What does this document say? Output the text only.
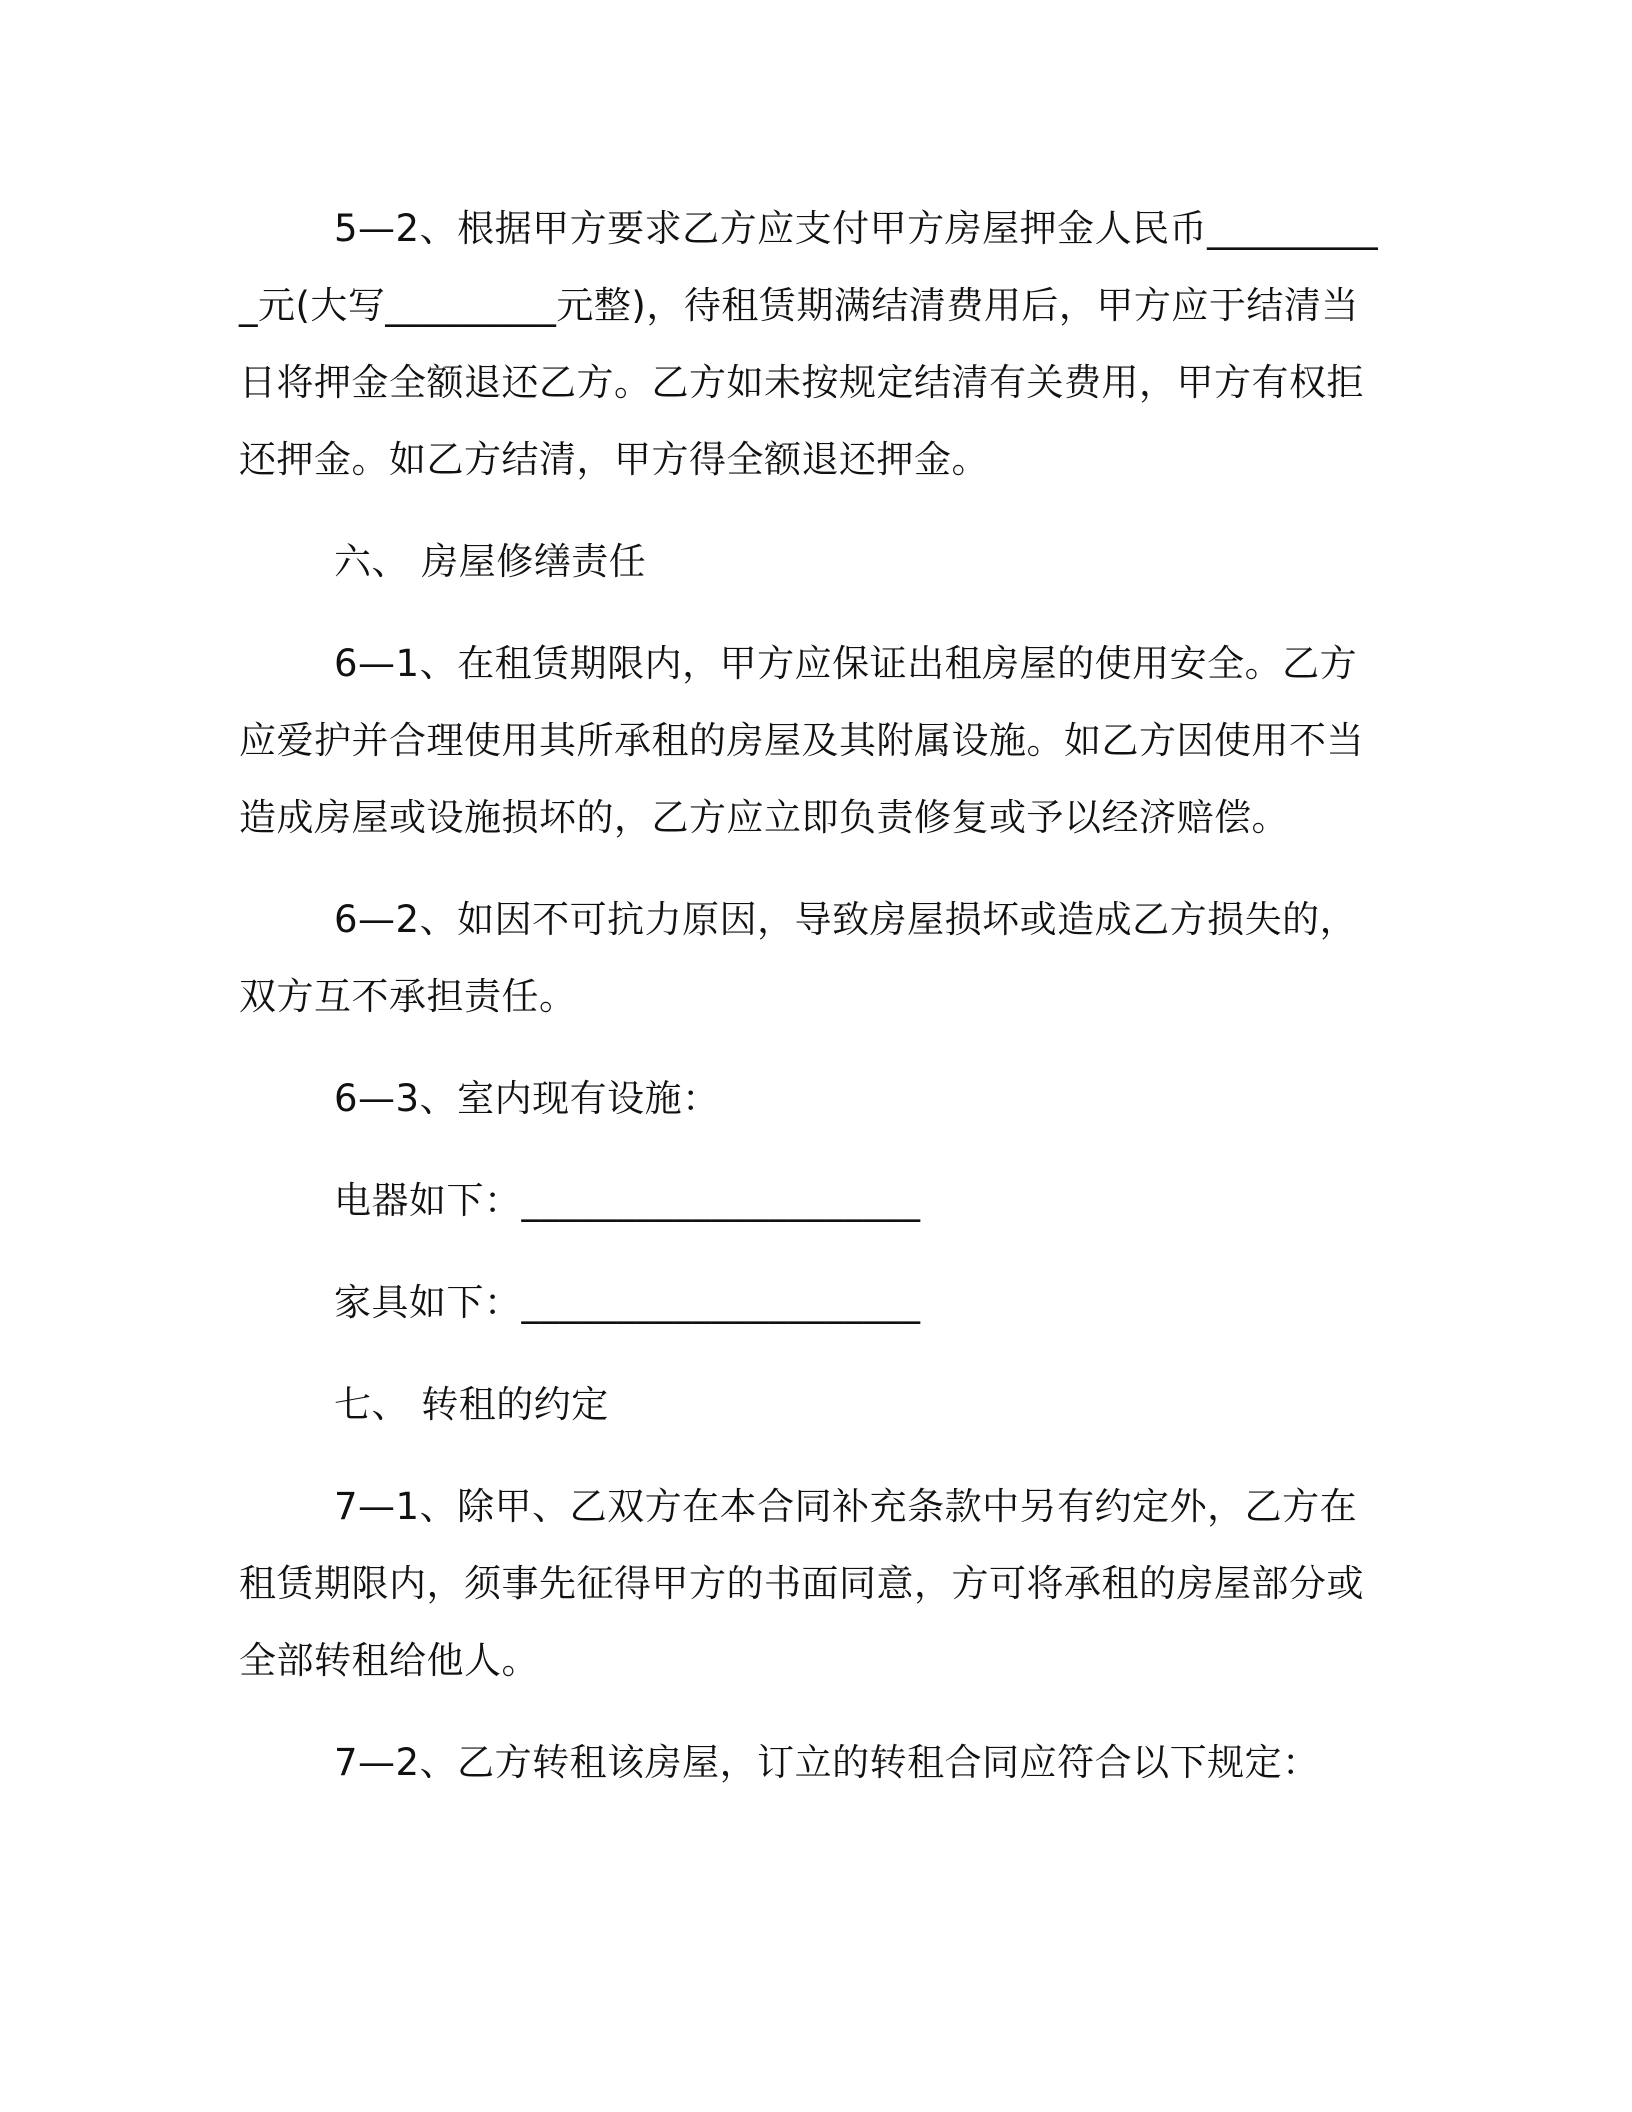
5—2、根据甲方要求乙方应支付甲方房屋押金人民币__________元(大写_________元整)，待租赁期满结清费用后，甲方应于结清当日将押金全额退还乙方。乙方如未按规定结清有关费用，甲方有权拒还押金。如乙方结清，甲方得全额退还押金。

六、 房屋修缮责任

6—1、在租赁期限内，甲方应保证出租房屋的使用安全。乙方应爱护并合理使用其所承租的房屋及其附属设施。如乙方因使用不当造成房屋或设施损坏的，乙方应立即负责修复或予以经济赔偿。

6—2、如因不可抗力原因，导致房屋损坏或造成乙方损失的，双方互不承担责任。

6—3、室内现有设施：

电器如下：_____________________

家具如下：_____________________

七、 转租的约定

7—1、除甲、乙双方在本合同补充条款中另有约定外，乙方在租赁期限内，须事先征得甲方的书面同意，方可将承租的房屋部分或全部转租给他人。

7—2、乙方转租该房屋，订立的转租合同应符合以下规定：
